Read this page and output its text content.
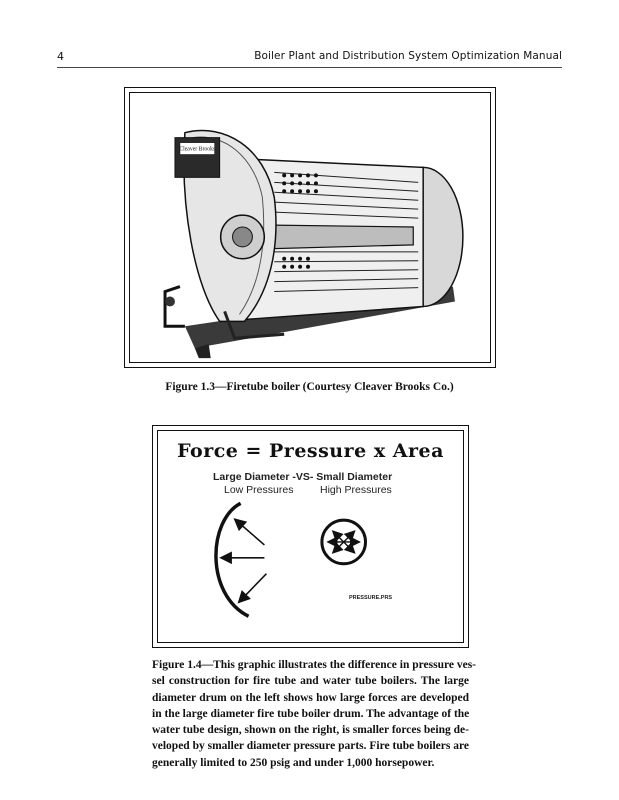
4	Boiler Plant and Distribution System Optimization Manual
Cleaver Brooks
Figure 1.3—Firetube boiler (Courtesy Cleaver Brooks Co.)
Force = Pressure x Area
Large Diameter -VS- Small Diameter
Low Pressures	High Pressures
PRESSURE.PRS
Figure 1.4—This graphic illustrates the difference in pressure ves-
sel construction for fire tube and water tube boilers. The large
diameter drum on the left shows how large forces are developed
in the large diameter fire tube boiler drum. The advantage of the
water tube design, shown on the right, is smaller forces being de-
veloped by smaller diameter pressure parts. Fire tube boilers are
generally limited to 250 psig and under 1,000 horsepower.
